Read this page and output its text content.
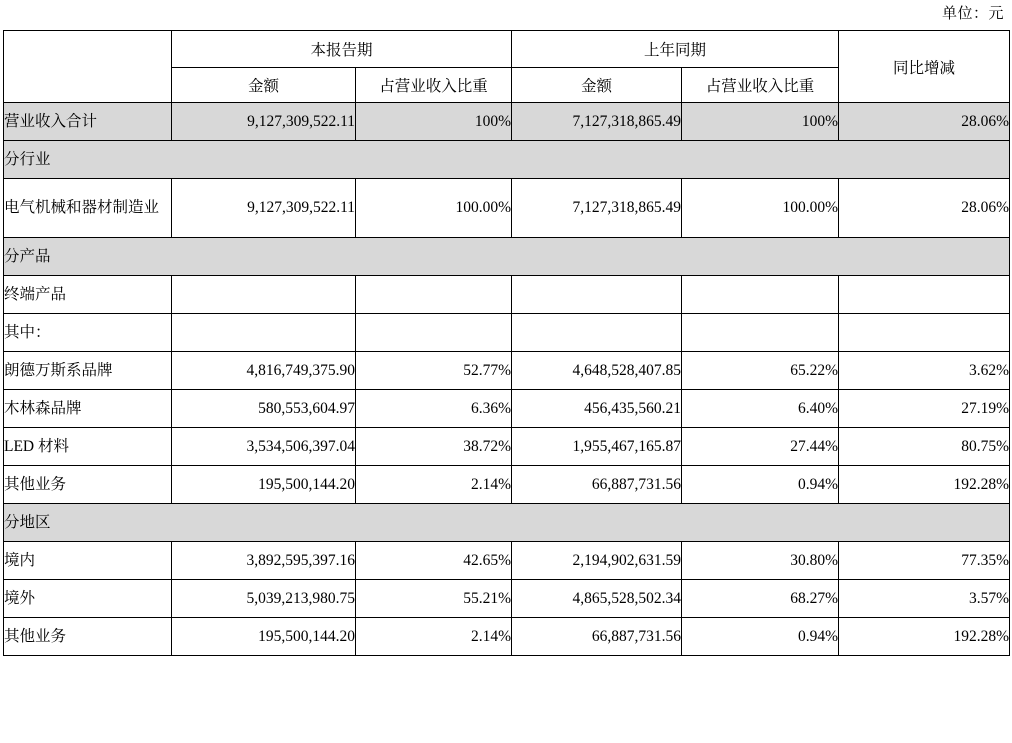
单位：元
	本报告期		上年同期		同比增减
	金额	占营业收入比重	金额	占营业收入比重	
营业收入合计	9,127,309,522.11	100%	7,127,318,865.49	100%	28.06%
分行业					
电气机械和器材制造业	9,127,309,522.11	100.00%	7,127,318,865.49	100.00%	28.06%
分产品					
终端产品					
其中：					
朗德万斯系品牌	4,816,749,375.90	52.77%	4,648,528,407.85	65.22%	3.62%
木林森品牌	580,553,604.97	6.36%	456,435,560.21	6.40%	27.19%
LED 材料	3,534,506,397.04	38.72%	1,955,467,165.87	27.44%	80.75%
其他业务	195,500,144.20	2.14%	66,887,731.56	0.94%	192.28%
分地区					
境内	3,892,595,397.16	42.65%	2,194,902,631.59	30.80%	77.35%
境外	5,039,213,980.75	55.21%	4,865,528,502.34	68.27%	3.57%
其他业务	195,500,144.20	2.14%	66,887,731.56	0.94%	192.28%
